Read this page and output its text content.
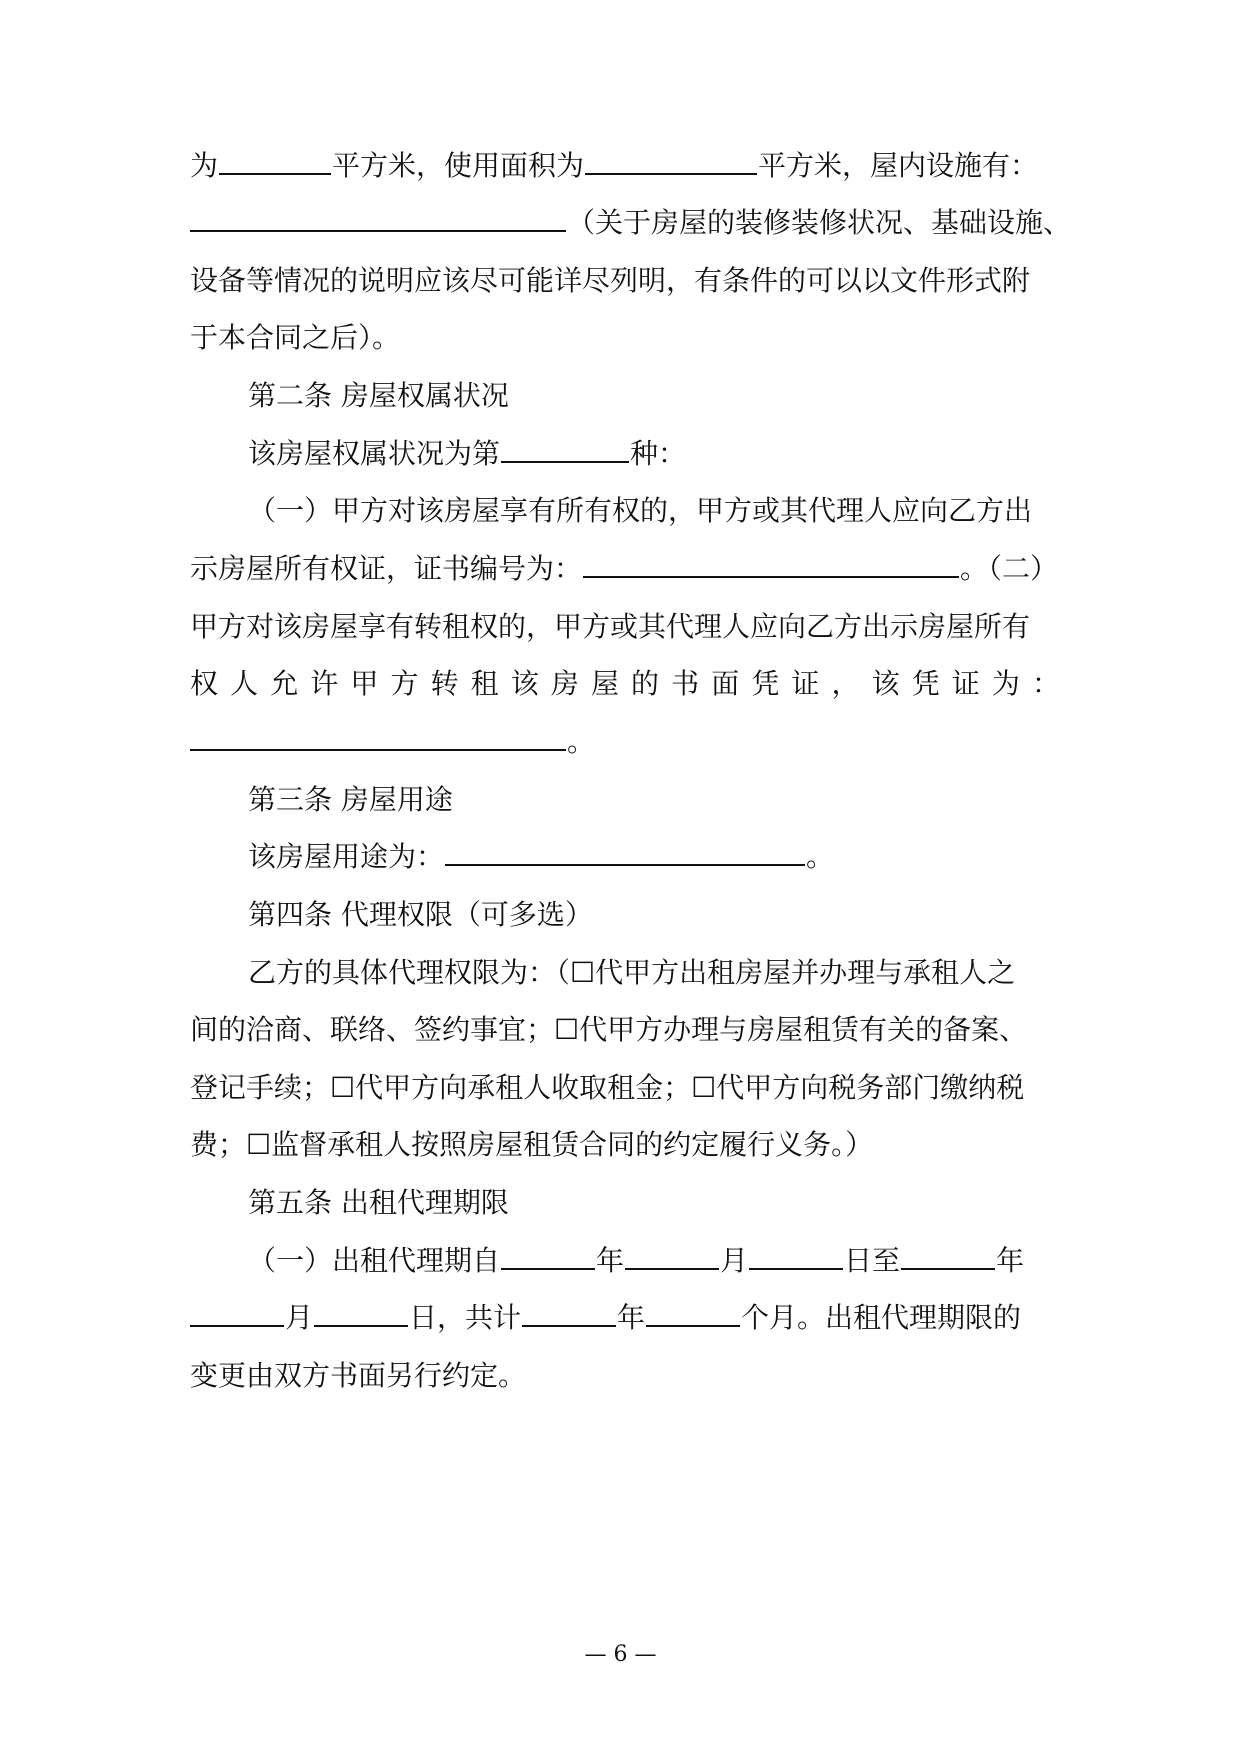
为	平方米，使用面积为	平方米，屋内设施有：
（关于房屋的装修装修状况、基础设施、
设备等情况的说明应该尽可能详尽列明，有条件的可以以文件形式附
于本合同之后）。
第二条 房屋权属状况
该房屋权属状况为第	种：
（一）甲方对该房屋享有所有权的，甲方或其代理人应向乙方出
示房屋所有权证，证书编号为：	。（二）
甲方对该房屋享有转租权的，甲方或其代理人应向乙方出示房屋所有
权 人 允 许 甲 方 转 租 该 房 屋 的 书 面 凭 证 ， 该 凭 证 为 ：
。
第三条 房屋用途
该房屋用途为：	。
第四条 代理权限（可多选）
乙方的具体代理权限为：（☐代甲方出租房屋并办理与承租人之
间的洽商、联络、签约事宜；☐代甲方办理与房屋租赁有关的备案、
登记手续；☐代甲方向承租人收取租金；☐代甲方向税务部门缴纳税
费；☐监督承租人按照房屋租赁合同的约定履行义务。）
第五条 出租代理期限
（一）出租代理期自	年	月	日至	年
月	日，共计	年	个月。出租代理期限的
变更由双方书面另行约定。
— 6 —
